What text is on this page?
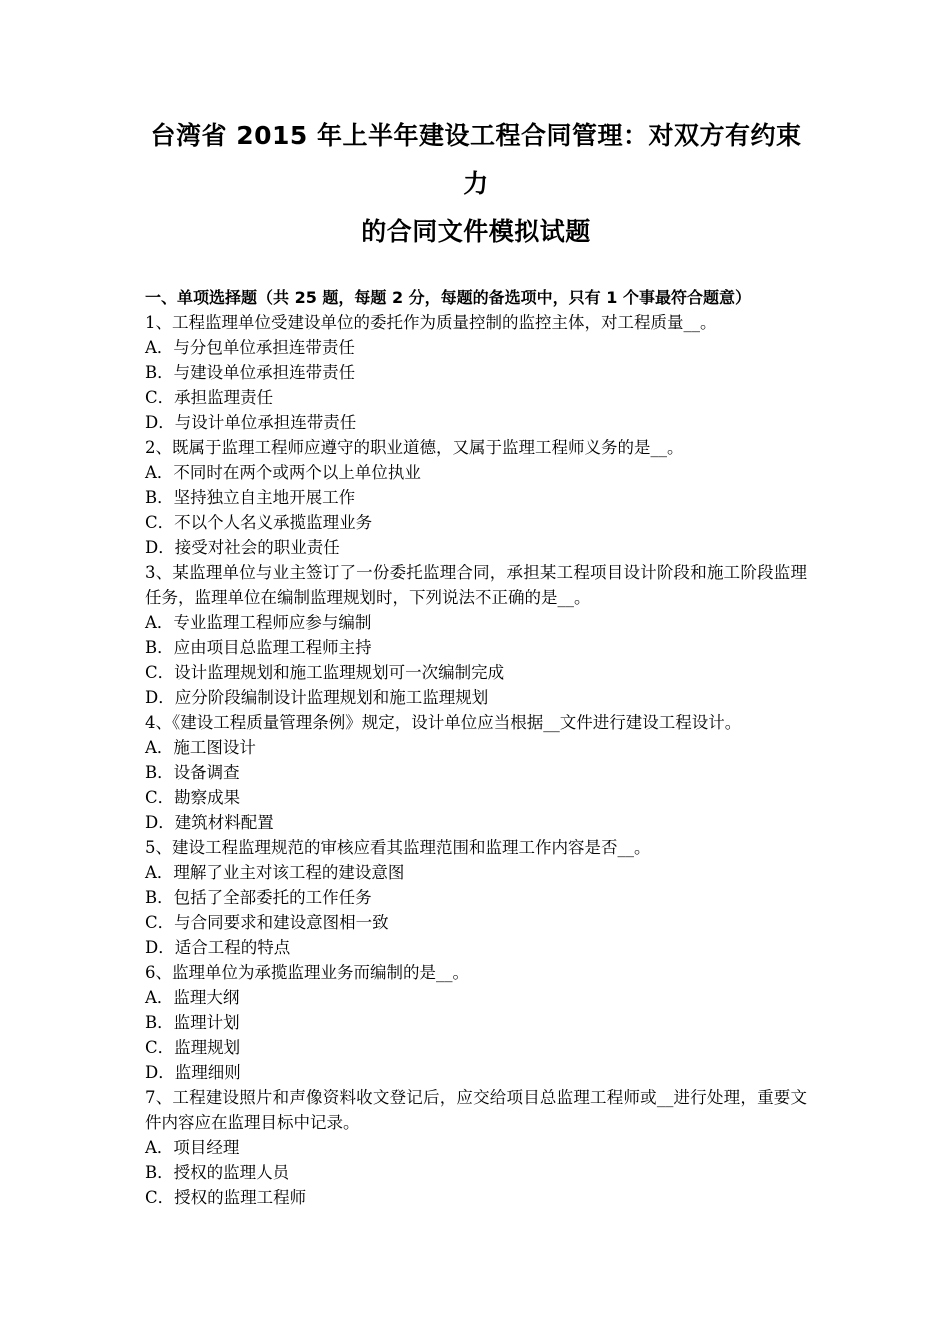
台湾省 2015 年上半年建设工程合同管理：对双方有约束力
的合同文件模拟试题

一、单项选择题（共 25 题，每题 2 分，每题的备选项中，只有 1 个事最符合题意）

1、工程监理单位受建设单位的委托作为质量控制的监控主体，对工程质量__。

A．与分包单位承担连带责任

B．与建设单位承担连带责任

C．承担监理责任

D．与设计单位承担连带责任

2、既属于监理工程师应遵守的职业道德，又属于监理工程师义务的是__。

A．不同时在两个或两个以上单位执业

B．坚持独立自主地开展工作

C．不以个人名义承揽监理业务

D．接受对社会的职业责任

3、某监理单位与业主签订了一份委托监理合同，承担某工程项目设计阶段和施工阶段监理任务，监理单位在编制监理规划时，下列说法不正确的是__。

A．专业监理工程师应参与编制

B．应由项目总监理工程师主持

C．设计监理规划和施工监理规划可一次编制完成

D．应分阶段编制设计监理规划和施工监理规划

4、《建设工程质量管理条例》规定，设计单位应当根据__文件进行建设工程设计。

A．施工图设计

B．设备调查

C．勘察成果

D．建筑材料配置

5、建设工程监理规范的审核应看其监理范围和监理工作内容是否__。

A．理解了业主对该工程的建设意图

B．包括了全部委托的工作任务

C．与合同要求和建设意图相一致

D．适合工程的特点

6、监理单位为承揽监理业务而编制的是__。

A．监理大纲

B．监理计划

C．监理规划

D．监理细则

7、工程建设照片和声像资料收文登记后，应交给项目总监理工程师或__进行处理，重要文件内容应在监理目标中记录。

A．项目经理

B．授权的监理人员

C．授权的监理工程师
